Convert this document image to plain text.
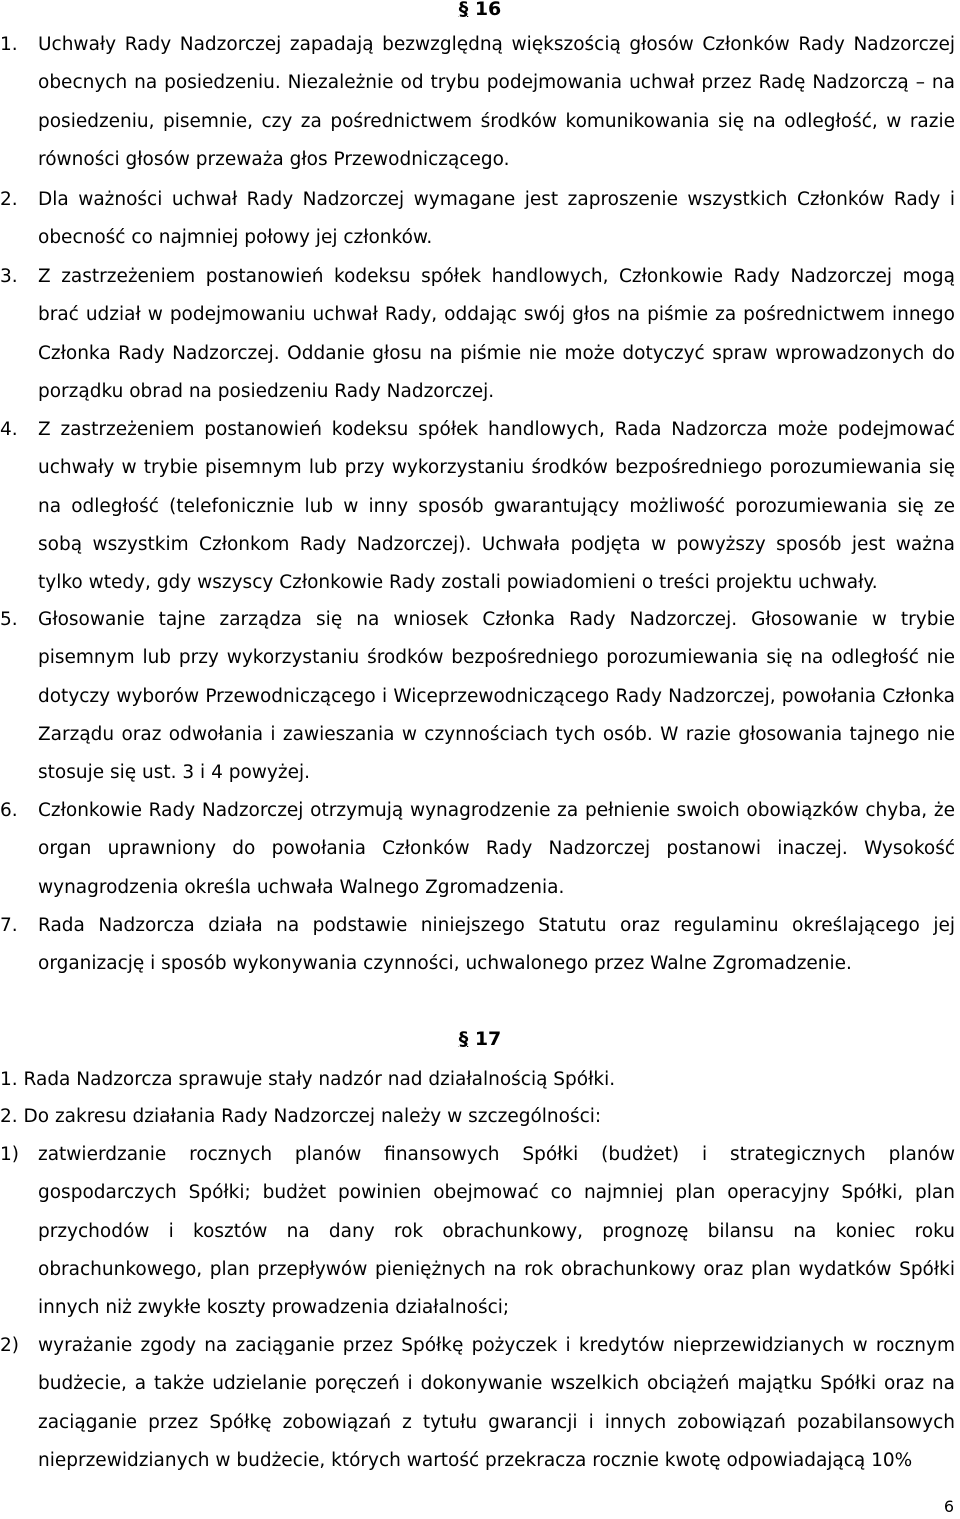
§ 16
1. Uchwały Rady Nadzorczej zapadają bezwzględną większością głosów Członków Rady Nadzorczej obecnych na posiedzeniu. Niezależnie od trybu podejmowania uchwał przez Radę Nadzorczą – na posiedzeniu, pisemnie, czy za pośrednictwem środków komunikowania się na odległość, w razie równości głosów przeważa głos Przewodniczącego.
2. Dla ważności uchwał Rady Nadzorczej wymagane jest zaproszenie wszystkich Członków Rady i obecność co najmniej połowy jej członków.
3. Z zastrzeżeniem postanowień kodeksu spółek handlowych, Członkowie Rady Nadzorczej mogą brać udział w podejmowaniu uchwał Rady, oddając swój głos na piśmie za pośrednictwem innego Członka Rady Nadzorczej. Oddanie głosu na piśmie nie może dotyczyć spraw wprowadzonych do porządku obrad na posiedzeniu Rady Nadzorczej.
4. Z zastrzeżeniem postanowień kodeksu spółek handlowych, Rada Nadzorcza może podejmować uchwały w trybie pisemnym lub przy wykorzystaniu środków bezpośredniego porozumiewania się na odległość (telefonicznie lub w inny sposób gwarantujący możliwość porozumiewania się ze sobą wszystkim Członkom Rady Nadzorczej). Uchwała podjęta w powyższy sposób jest ważna tylko wtedy, gdy wszyscy Członkowie Rady zostali powiadomieni o treści projektu uchwały.
5. Głosowanie tajne zarządza się na wniosek Członka Rady Nadzorczej. Głosowanie w trybie pisemnym lub przy wykorzystaniu środków bezpośredniego porozumiewania się na odległość nie dotyczy wyborów Przewodniczącego i Wiceprzewodniczącego Rady Nadzorczej, powołania Członka Zarządu oraz odwołania i zawieszania w czynnościach tych osób. W razie głosowania tajnego nie stosuje się ust. 3 i 4 powyżej.
6. Członkowie Rady Nadzorczej otrzymują wynagrodzenie za pełnienie swoich obowiązków chyba, że organ uprawniony do powołania Członków Rady Nadzorczej postanowi inaczej. Wysokość wynagrodzenia określa uchwała Walnego Zgromadzenia.
7. Rada Nadzorcza działa na podstawie niniejszego Statutu oraz regulaminu określającego jej organizację i sposób wykonywania czynności, uchwalonego przez Walne Zgromadzenie.
§ 17
1. Rada Nadzorcza sprawuje stały nadzór nad działalnością Spółki.
2. Do zakresu działania Rady Nadzorczej należy w szczególności:
1) zatwierdzanie rocznych planów finansowych Spółki (budżet) i strategicznych planów gospodarczych Spółki; budżet powinien obejmować co najmniej plan operacyjny Spółki, plan przychodów i kosztów na dany rok obrachunkowy, prognozę bilansu na koniec roku obrachunkowego, plan przepływów pieniężnych na rok obrachunkowy oraz plan wydatków Spółki innych niż zwykłe koszty prowadzenia działalności;
2) wyrażanie zgody na zaciąganie przez Spółkę pożyczek i kredytów nieprzewidzianych w rocznym budżecie, a także udzielanie poręczeń i dokonywanie wszelkich obciążeń majątku Spółki oraz na zaciąganie przez Spółkę zobowiązań z tytułu gwarancji i innych zobowiązań pozabilansowych nieprzewidzianych w budżecie, których wartość przekracza rocznie kwotę odpowiadającą 10%
6
